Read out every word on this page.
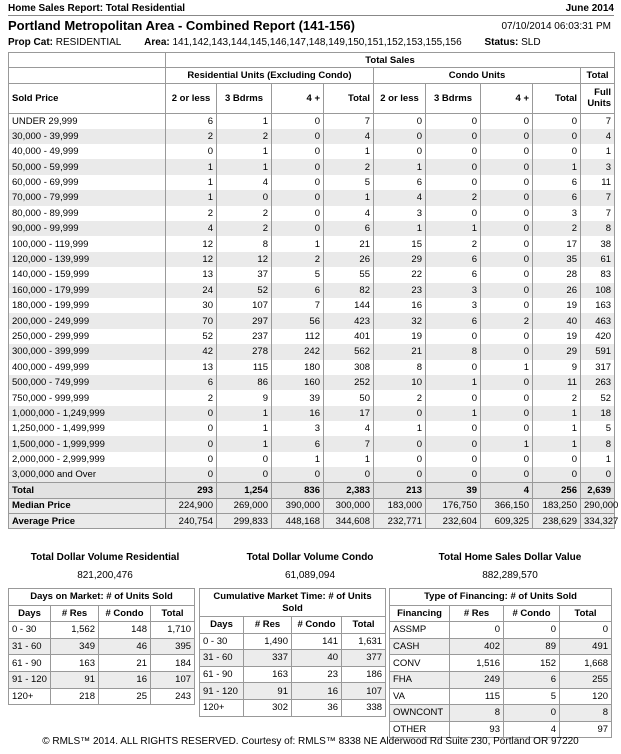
Home Sales Report: Total Residential	June 2014
Portland Metropolitan Area - Combined Report (141-156)	07/10/2014 06:03:31 PM
Prop Cat: RESIDENTIAL Area: 141,142,143,144,145,146,147,148,149,150,151,152,153,155,156 Status: SLD
	Total Sales								
	Residential Units (Excluding Condo)				Condo Units				Total
Sold Price	2 or less	3 Bdrms	4 +	Total	2 or less	3 Bdrms	4 +	Total	Full Units
UNDER 29,999	6	1	0	7	0	0	0	0	7
30,000 - 39,999	2	2	0	4	0	0	0	0	4
40,000 - 49,999	0	1	0	1	0	0	0	0	1
50,000 - 59,999	1	1	0	2	1	0	0	1	3
60,000 - 69,999	1	4	0	5	6	0	0	6	11
70,000 - 79,999	1	0	0	1	4	2	0	6	7
80,000 - 89,999	2	2	0	4	3	0	0	3	7
90,000 - 99,999	4	2	0	6	1	1	0	2	8
100,000 - 119,999	12	8	1	21	15	2	0	17	38
120,000 - 139,999	12	12	2	26	29	6	0	35	61
140,000 - 159,999	13	37	5	55	22	6	0	28	83
160,000 - 179,999	24	52	6	82	23	3	0	26	108
180,000 - 199,999	30	107	7	144	16	3	0	19	163
200,000 - 249,999	70	297	56	423	32	6	2	40	463
250,000 - 299,999	52	237	112	401	19	0	0	19	420
300,000 - 399,999	42	278	242	562	21	8	0	29	591
400,000 - 499,999	13	115	180	308	8	0	1	9	317
500,000 - 749,999	6	86	160	252	10	1	0	11	263
750,000 - 999,999	2	9	39	50	2	0	0	2	52
1,000,000 - 1,249,999	0	1	16	17	0	1	0	1	18
1,250,000 - 1,499,999	0	1	3	4	1	0	0	1	5
1,500,000 - 1,999,999	0	1	6	7	0	0	1	1	8
2,000,000 - 2,999,999	0	0	1	1	0	0	0	0	1
3,000,000 and Over	0	0	0	0	0	0	0	0	0
Total	293	1,254	836	2,383	213	39	4	256	2,639
Median Price	224,900	269,000	390,000	300,000	183,000	176,750	366,150	183,250	290,000
Average Price	240,754	299,833	448,168	344,608	232,771	232,604	609,325	238,629	334,327
Total Dollar Volume Residential
821,200,476
Total Dollar Volume Condo
61,089,094
Total Home Sales Dollar Value
882,289,570
Days on Market: # of Units Sold			
Days	# Res	# Condo	Total
0 - 30	1,562	148	1,710
31 - 60	349	46	395
61 - 90	163	21	184
91 - 120	91	16	107
120+	218	25	243
Cumulative Market Time: # of Units Sold			
Days	# Res	# Condo	Total
0 - 30	1,490	141	1,631
31 - 60	337	40	377
61 - 90	163	23	186
91 - 120	91	16	107
120+	302	36	338
Type of Financing: # of Units Sold			
Financing	# Res	# Condo	Total
ASSMP	0	0	0
CASH	402	89	491
CONV	1,516	152	1,668
FHA	249	6	255
VA	115	5	120
OWNCONT	8	0	8
OTHER	93	4	97
© RMLS™ 2014. ALL RIGHTS RESERVED. Courtesy of: RMLS™ 8338 NE Alderwood Rd Suite 230, Portland OR 97220
